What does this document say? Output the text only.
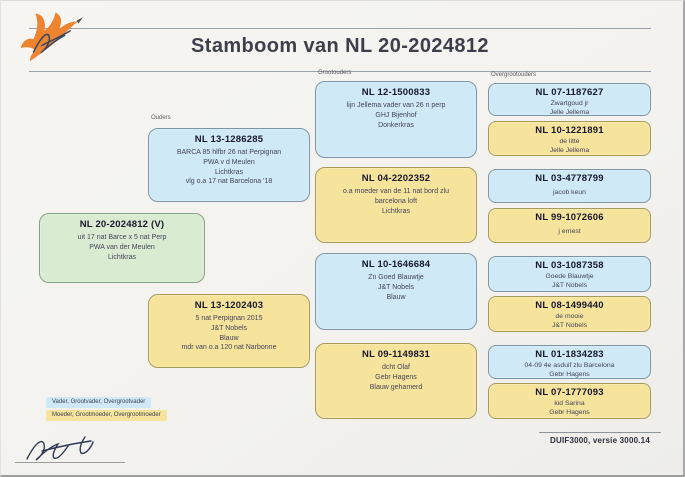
Stamboom van NL 20-2024812
Ouders
Grootouders	Overgrootouders
NL 20-2024812 (V)
uit 17 nat Barce x 5 nat Perp
PWA van der Meulen
Lichtkras
NL 13-1286285
BARCA 85 hlfbr 26 nat Perpignan
PWA v d Meulen
Lichtkras
vlg o.a 17 nat Barcelona '18
NL 13-1202403
5 nat Perpignan 2015
J&T Nobels
Blauw
mdr van o.a 120 nat Narbonne
NL 12-1500833
lijn Jellema vader van 26 n perp
GHJ Bijenhof
Donkerkras
NL 04-2202352
o.a moeder van de 11 nat bord zlu
barcelona loft
Lichtkras
NL 10-1646684
Zn Goed Blauwtje
J&T Nobels
Blauw
NL 09-1149831
dcht Olaf
Gebr Hagens
Blauw gehamerd
NL 07-1187627
Zwartgoud jr
Jelle Jellema
NL 10-1221891
de litte
Jelle Jellema
NL 03-4778799
jacob keun
NL 99-1072606
j ernest
NL 03-1087358
Goede Blauwtje
J&T Nobels
NL 08-1499440
de mooie
J&T Nobels
NL 01-1834283
04-09 4e asduif zlu Barcelona
Gebr Hagens
NL 07-1777093
kid Sarina
Gebr Hagens
Vader, Grootvader, Overgrootvader
Moeder, Grootmoeder, Overgrootmoeder
DUIF3000, versie 3000.14
